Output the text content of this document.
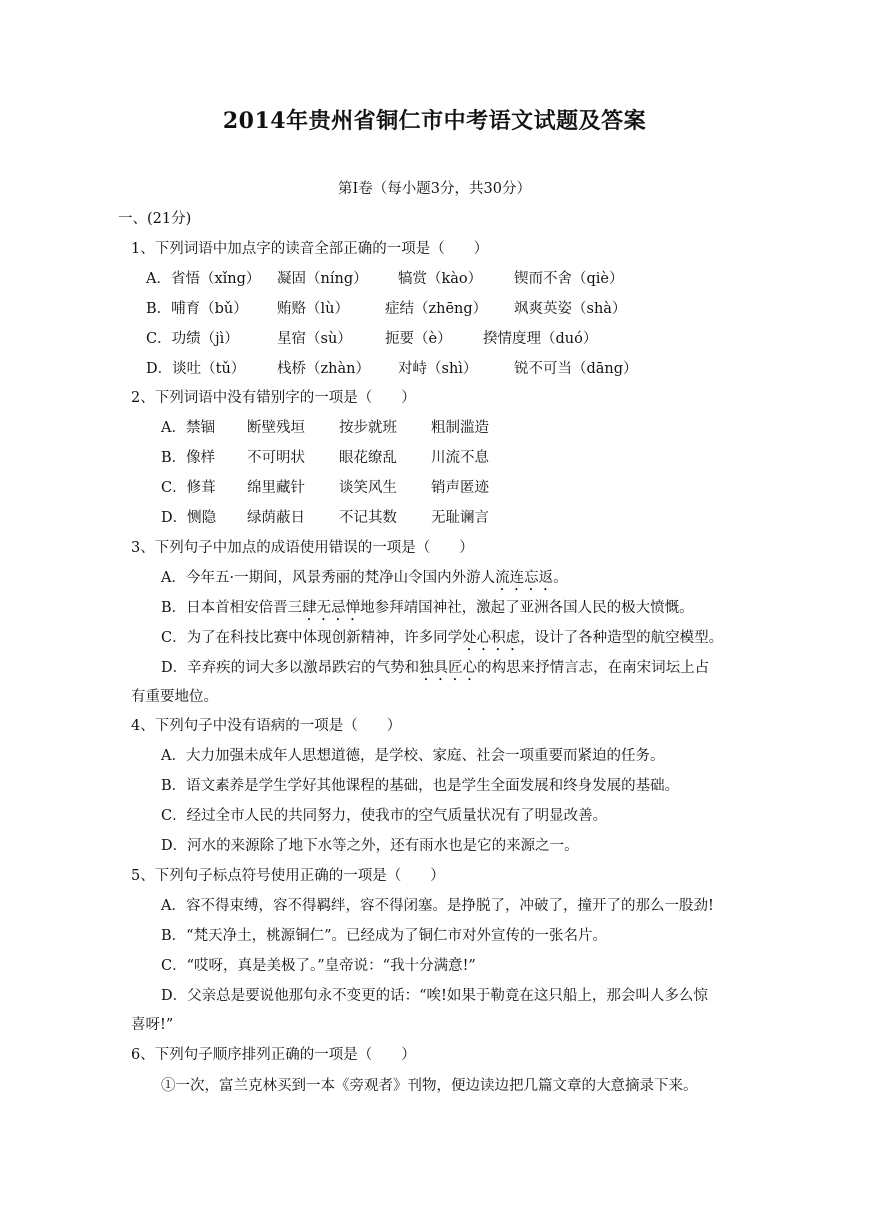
2014年贵州省铜仁市中考语文试题及答案
第Ⅰ卷（每小题3分，共30分）
一、(21分)
1、下列词语中加点字的读音全部正确的一项是（　　）
A．省悟（xǐng）	凝固（níng）	犒赏（kào）	锲而不舍（qiè）
B．哺育（bǔ）	贿赂（lù）	症结（zhēng）	飒爽英姿（shà）
C．功绩（jì）	星宿（sù）	扼要（è）	揆情度理（duó）
D．谈吐（tǔ）	栈桥（zhàn）	对峙（shì）	锐不可当（dāng）
2、下列词语中没有错别字的一项是（　　）
A．禁锢	断壁残垣	按步就班	粗制滥造
B．像样	不可明状	眼花缭乱	川流不息
C．修葺	绵里藏针	谈笑风生	销声匿迹
D．恻隐	绿荫蔽日	不记其数	无耻谰言
3、下列句子中加点的成语使用错误的一项是（　　）
A．今年五·一期间，风景秀丽的梵净山令国内外游人流连忘返。
B．日本首相安倍晋三肆无忌惮地参拜靖国神社，激起了亚洲各国人民的极大愤慨。
C．为了在科技比赛中体现创新精神，许多同学处心积虑，设计了各种造型的航空模型。
D．辛弃疾的词大多以激昂跌宕的气势和独具匠心的构思来抒情言志，在南宋词坛上占
有重要地位。
4、下列句子中没有语病的一项是（　　）
A．大力加强未成年人思想道德，是学校、家庭、社会一项重要而紧迫的任务。
B．语文素养是学生学好其他课程的基础，也是学生全面发展和终身发展的基础。
C．经过全市人民的共同努力，使我市的空气质量状况有了明显改善。
D．河水的来源除了地下水等之外，还有雨水也是它的来源之一。
5、下列句子标点符号使用正确的一项是（　　）
A．容不得束缚，容不得羁绊，容不得闭塞。是挣脱了，冲破了，撞开了的那么一股劲!
B．“梵天净土，桃源铜仁”。已经成为了铜仁市对外宣传的一张名片。
C．“哎呀，真是美极了。”皇帝说：“我十分满意!”
D．父亲总是要说他那句永不变更的话：“唉!如果于勒竟在这只船上，那会叫人多么惊
喜呀!”
6、下列句子顺序排列正确的一项是（　　）
①一次，富兰克林买到一本《旁观者》刊物，便边读边把几篇文章的大意摘录下来。
